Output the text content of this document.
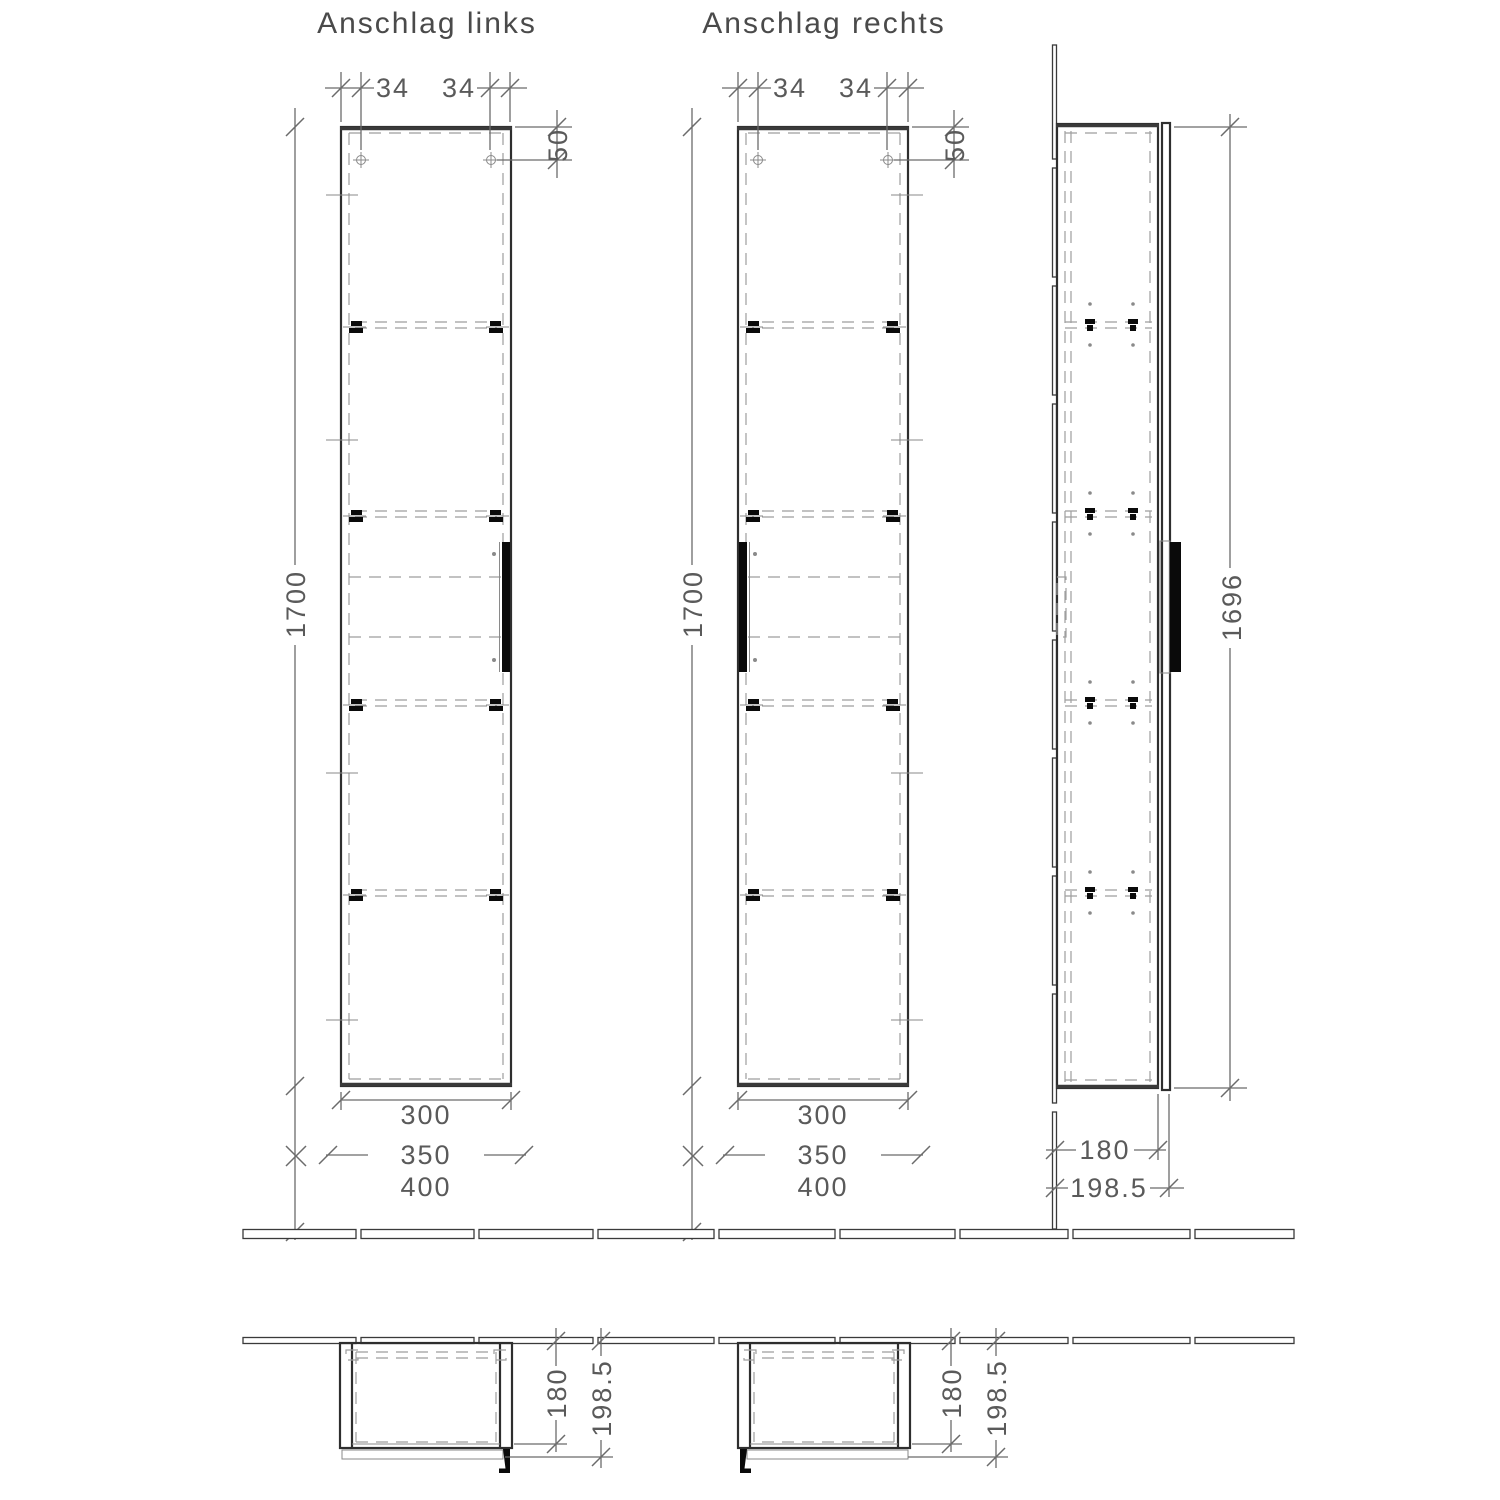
Anschlag links	Anschlag rechts
34 34
50
1700
300
350
400
34 34
50
1700
300
350
400
1696
180
198.5
180 198.5	180 198.5
